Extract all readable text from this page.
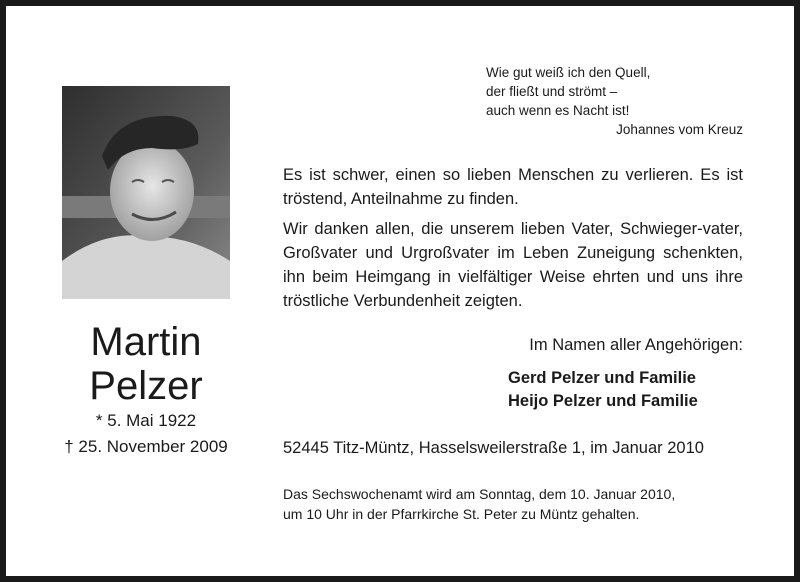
Martin
Pelzer
* 5. Mai 1922
† 25. November 2009
Wie gut weiß ich den Quell,
der fließt und strömt –
auch wenn es Nacht ist!
Johannes vom Kreuz

Es ist schwer, einen so lieben Menschen zu verlieren. Es ist tröstend, Anteilnahme zu finden.

Wir danken allen, die unserem lieben Vater, Schwieger-vater, Großvater und Urgroßvater im Leben Zuneigung schenkten, ihn beim Heimgang in vielfältiger Weise ehrten und uns ihre tröstliche Verbundenheit zeigten.

Im Namen aller Angehörigen:
Gerd Pelzer und Familie
Heijo Pelzer und Familie
52445 Titz-Müntz, Hasselsweilerstraße 1, im Januar 2010
Das Sechswochenamt wird am Sonntag, dem 10. Januar 2010,
um 10 Uhr in der Pfarrkirche St. Peter zu Müntz gehalten.
